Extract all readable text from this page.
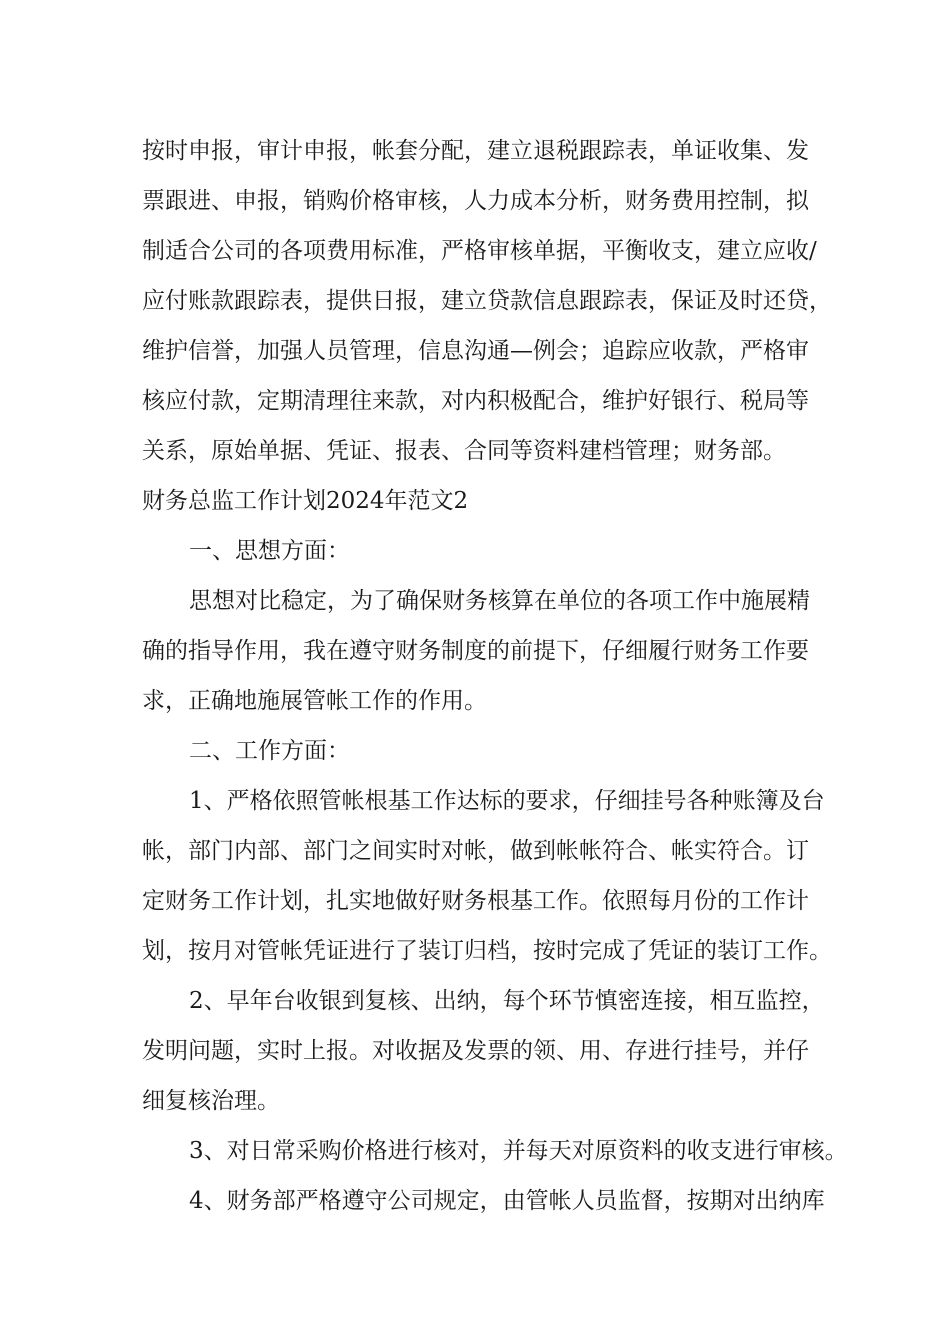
按时申报，审计申报，帐套分配，建立退税跟踪表，单证收集、发
票跟进、申报，销购价格审核，人力成本分析，财务费用控制，拟
制适合公司的各项费用标准，严格审核单据，平衡收支，建立应收/
应付账款跟踪表，提供日报，建立贷款信息跟踪表，保证及时还贷，
维护信誉，加强人员管理，信息沟通—例会；追踪应收款，严格审
核应付款，定期清理往来款，对内积极配合，维护好银行、税局等
关系，原始单据、凭证、报表、合同等资料建档管理；财务部。
财务总监工作计划2024年范文2
一、思想方面：
思想对比稳定，为了确保财务核算在单位的各项工作中施展精
确的指导作用，我在遵守财务制度的前提下，仔细履行财务工作要
求，正确地施展管帐工作的作用。
二、工作方面：
1、严格依照管帐根基工作达标的要求，仔细挂号各种账簿及台
帐，部门内部、部门之间实时对帐，做到帐帐符合、帐实符合。订
定财务工作计划，扎实地做好财务根基工作。依照每月份的工作计
划，按月对管帐凭证进行了装订归档，按时完成了凭证的装订工作。
2、早年台收银到复核、出纳，每个环节慎密连接，相互监控，
发明问题，实时上报。对收据及发票的领、用、存进行挂号，并仔
细复核治理。
3、对日常采购价格进行核对，并每天对原资料的收支进行审核。
4、财务部严格遵守公司规定，由管帐人员监督，按期对出纳库
